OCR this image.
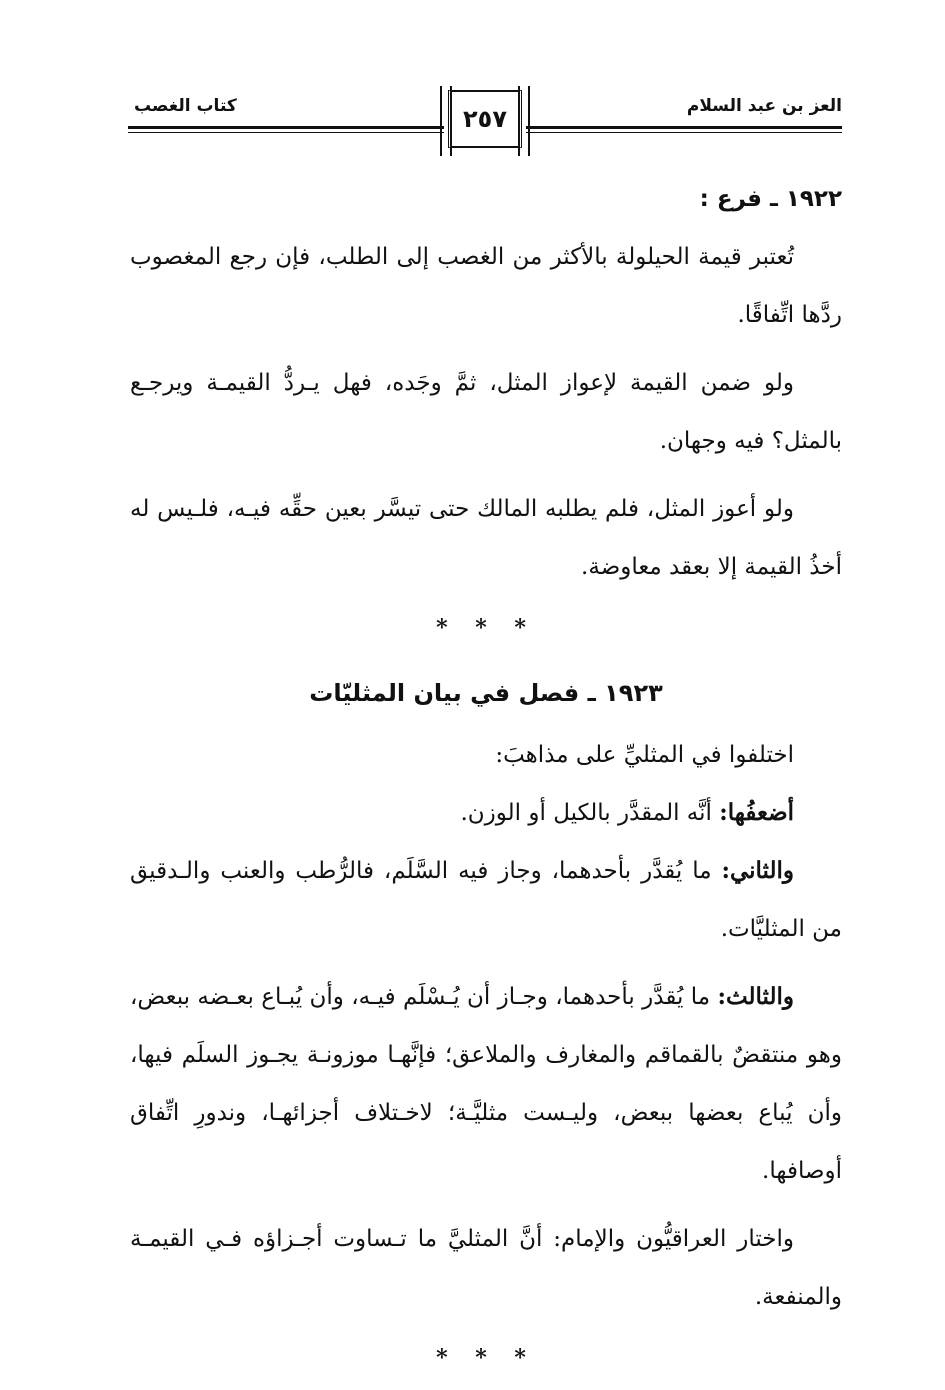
العز بن عبد السلام
كتاب الغصب	٢٥٧

١٩٢٢ ـ فرع :

تُعتبر قيمة الحيلولة بالأكثر من الغصب إلى الطلب، فإن رجع المغصوب ردَّها اتِّفاقًا.

ولو ضمن القيمة لإعواز المثل، ثمَّ وجَده، فهل يـردُّ القيمـة ويرجـع بالمثل؟ فيه وجهان.

ولو أعوز المثل، فلم يطلبه المالك حتى تيسَّر بعين حقِّه فيـه، فلـيس له أخذُ القيمة إلا بعقد معاوضة.

* * *
١٩٢٣ ـ فصل في بيان المثليّات

اختلفوا في المثليِّ على مذاهبَ:

أضعفُها: أنَّه المقدَّر بالكيل أو الوزن.

والثاني: ما يُقدَّر بأحدهما، وجاز فيه السَّلَم، فالرُّطب والعنب والـدقيق من المثليَّات.

والثالث: ما يُقدَّر بأحدهما، وجـاز أن يُـسْلَم فيـه، وأن يُبـاع بعـضه ببعض، وهو منتقضٌ بالقماقم والمغارف والملاعق؛ فإنَّهـا موزونـة يجـوز السلَم فيها، وأن يُباع بعضها ببعض، وليـست مثليَّـة؛ لاخـتلاف أجزائهـا، وندورِ اتِّفاق أوصافها.

واختار العراقيُّون والإمام: أنَّ المثليَّ ما تـساوت أجـزاؤه فـي القيمـة والمنفعة.

* * *
